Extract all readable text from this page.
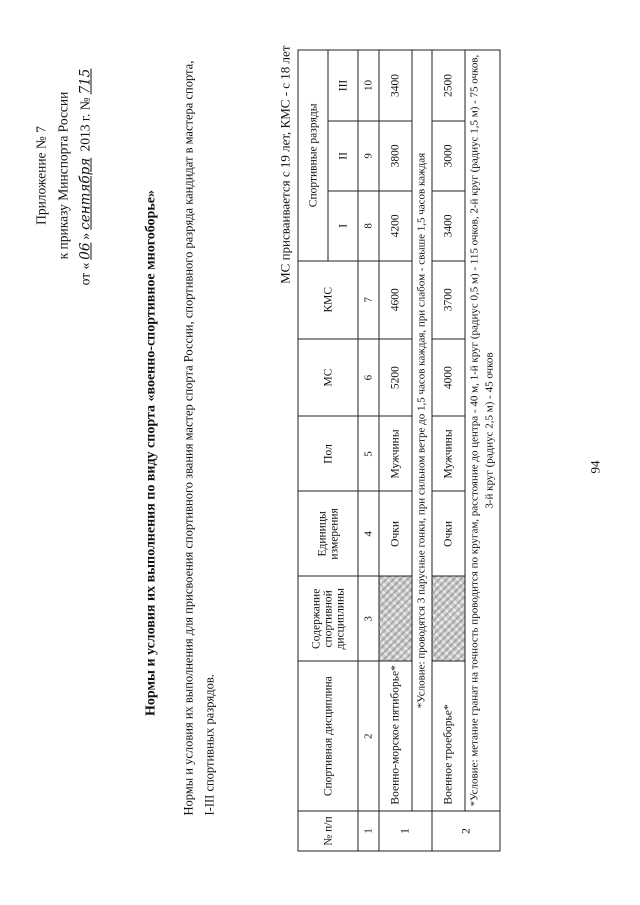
94
Приложение № 7 к приказу Минспорта России
от «06»сентября 2013 г. №715
Нормы и условия их выполнения по виду спорта «военно-спортивное многоборье» Нормы и условия их выполнения для присвоения спортивного звания мастер спорта России, спортивного разряда кандидат в мастера спорта, I-III спортивных разрядов.
МС присваивается с 19 лет, КМС - с 18 лет
№ п/п	Спортивная дисциплина	Содержание спортивной дисциплины	Единицы измерения	Пол	МС	КМС	Спортивные разряды		
							I	II	III
1	2	3	4	5	6	7	8	9	10
1	Военно-морское пятиборье*		Очки	Мужчины	5200	4600	4200	3800	3400
	*Условие: проводятся 3 парусные гонки, при сильном ветре до 1,5 часов каждая, при слабом - свыше 1,5 часов каждая								
2	Военное троеборье*		Очки	Мужчины	4000	3700	3400	3000	2500
	*Условие: метание гранат на точность проводится по кругам, расстояние до центра - 40 м, 1-й круг (радиус 0,5 м) - 115 очков, 2-й круг (радиус 1,5 м) - 75 очков, 3-й круг (радиус 2,5 м) - 45 очков								
